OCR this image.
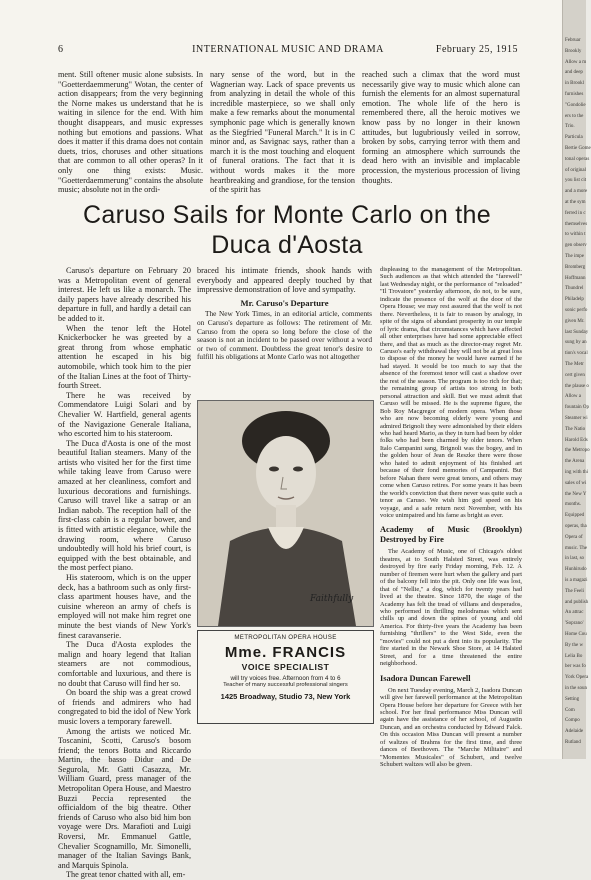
6	INTERNATIONAL MUSIC AND DRAMA	February 25, 1915

ment. Still oftener music alone subsists. In "Goetterdaemmerung" Wotan, the center of action disappears; from the very beginning the Norne makes us understand that he is waiting in silence for the end. With him thought disappears, and music expresses nothing but emotions and passions. What does it matter if this drama does not contain duets, trios, choruses and other situations that are common to all other operas? In it only one thing exists: Music. "Goetterdaemmerung" contains the absolute music; absolute not in the ordi-

nary sense of the word, but in the Wagnerian way. Lack of space prevents us from analyzing in detail the whole of this incredible masterpiece, so we shall only make a few remarks about the monumental symphonic page which is generally known as the Siegfried "Funeral March." It is in C minor and, as Savignac says, rather than a march it is the most touching and eloquent of funeral orations. The fact that it is without words makes it the more heartbreaking and grandiose, for the tension of the spirit has

reached such a climax that the word must necessarily give way to music which alone can furnish the elements for an almost supernatural emotion. The whole life of the hero is remembered there, all the heroic motives we know pass by no longer in their known attitudes, but lugubriously veiled in sorrow, broken by sobs, carrying terror with them and forming an atmosphere which surrounds the dead hero with an invisible and implacable procession, the mysterious procession of living thoughts.

Caruso Sails for Monte Carlo on the
Duca d'Aosta

Caruso's departure on February 20 was a Metropolitan event of general interest. He left us like a monarch. The daily papers have already described his departure in full, and hardly a detail can be added to it.

When the tenor left the Hotel Knickerbocker he was greeted by a great throng from whose emphatic attention he escaped in his big automobile, which took him to the pier of the Italian Lines at the foot of Thirty-fourth Street.

There he was received by Commendatore Luigi Solari and by Chevalier W. Hartfield, general agents of the Navigazione Generale Italiana, who escorted him to his stateroom.

The Duca d'Aosta is one of the most beautiful Italian steamers. Many of the artists who visited her for the first time while taking leave from Caruso were amazed at her cleanliness, comfort and luxurious decorations and furnishings. Caruso will travel like a satrap or an Indian nabob. The reception hall of the first-class cabin is a regular bower, and is fitted with artistic elegance, while the drawing room, where Caruso undoubtedly will hold his brief court, is equipped with the best obtainable, and the most perfect piano.

His stateroom, which is on the upper deck, has a bathroom such as only first-class apartment houses have, and the cuisine whereon an army of chefs is employed will not make him regret one minute the best viands of New York's finest caravanserie.

The Duca d'Aosta explodes the malign and hoary legend that Italian steamers are not commodious, comfortable and luxurious, and there is no doubt that Caruso will find her so.

On board the ship was a great crowd of friends and admirers who had congregated to bid the idol of New York music lovers a temporary farewell.

Among the artists we noticed Mr. Toscanini, Scotti, Caruso's bosom friend; the tenors Botta and Riccardo Martin, the basso Didur and De Segurola, Mr. Gatti Casazza, Mr. William Guard, press manager of the Metropolitan Opera House, and Maestro Buzzi Peccia represented the officialdom of the big theatre. Other friends of Caruso who also bid him bon voyage were Drs. Marafioti and Luigi Roversi, Mr. Emmanuel Gattle, Chevalier Scognamillo, Mr. Simonelli, manager of the Italian Savings Bank, and Marquis Spinola.

The great tenor chatted with all, em-

braced his intimate friends, shook hands with everybody and appeared deeply touched by that impressive demonstration of love and sympathy.

Mr. Caruso's Departure

The New York Times, in an editorial article, comments on Caruso's departure as follows: The retirement of Mr. Caruso from the opera so long before the close of the season is not an incident to be passed over without a word or two of comment. Doubtless the great tenor's desire to fulfill his obligations at Monte Carlo was not altogether

Faithfully
METROPOLITAN OPERA HOUSE
Mme. FRANCIS
VOICE SPECIALIST
will try voices free. Afternoon from 4 to 6
Teacher of many successful professional singers
1425 Broadway, Studio 73, New York

displeasing to the management of the Metropolitan. Such audiences as that which attended the "farewell" last Wednesday night, or the performance of "reloaded" "Il Trovatore" yesterday afternoon, do not, to be sure, indicate the presence of the wolf at the door of the Opera House; we may rest assured that the wolf is not there. Nevertheless, it is fair to reason by analogy, in spite of the signs of abundant prosperity in our temple of lyric drama, that circumstances which have affected all other enterprises have had some appreciable effect there, and that as much as the director-may regret Mr. Caruso's early withdrawal they will not be at great loss to dispose of the money he would have earned if he had stayed. It would be too much to say that the absence of the foremost tenor will cast a shadow over the rest of the season. The program is too rich for that; the remaining group of artists too strong in both personal attraction and skill. But we must admit that Caruso will be missed. He is the supreme figure, the Bob Roy Macgregor of modern opera. When those who are now becoming elderly were young and admired Brignoli they were admonished by their elders who had heard Mario, as they in turn had been by older folks who had been charmed by older tenors. When Italo Campanini sang, Brignoli was the bogey, and in the golden hour of Jean de Reszke there were those who hated to admit enjoyment of his finished art because of their fond memories of Campanini. But before Nahan there were great tenors, and others may come when Caruso retires. For some years it has been the world's conviction that there never was quite such a tenor as Caruso. We wish him god speed on his voyage, and a safe return next November, with his voice unimpaired and his fame as bright as ever.

Academy of Music (Brooklyn) Destroyed by Fire

The Academy of Music, one of Chicago's oldest theatres, at to South Halsted Street, was entirely destroyed by fire early Friday morning, Feb. 12. A number of firemen were hurt when the gallery and part of the balcony fell into the pit. Only one life was lost, that of "Nellie," a dog, which for twenty years had lived at the theatre. Since 1870, the stage of the Academy has felt the tread of villians and desperados, who performed in thrilling melodramas which sent chills up and down the spines of young and old America. For thirty-five years the Academy has been furnishing "thrillers" to the West Side, even the "movies" could not put a dent into its popularity. The fire started in the Newark Shoe Store, at 14 Halsted Street, and for a time threatened the entire neighborhood.

Isadora Duncan Farewell

On next Tuesday evening, March 2, Isadora Duncan will give her farewell performance at the Metropolitan Opera House before her departure for Greece with her school. For her final performance Miss Duncan will again have the assistance of her school, of Augustin Duncan, and an orchestra conducted by Edward Falck. On this occasion Miss Duncan will present a number of waltzes of Brahms for the first time, and three dances of Beethoven. The "Marche Militaire" and "Momentes Musicales" of Schubert, and twelve Schubert waltzes will also be given.

Februar
Brookly
Allow a m
and deep
in Brookl
furnishes
"Gondolie
ers to the
Trio.
Particula
Bertie Gome
tonal operas
of original
you list cit
and a more
at the sym
ferred in c
themselves
to within t
gen observ
The impe
Bromberg
Hoffmann
Thundrel
Philadelp
sonic perfo
given Mr.
last Sunday
sung by an
tion's vocal
The Metr
cert given
the plause o
Allow a
fountain Op
Steamer wi
The Natio
Harold Eds
the Metropo
the Arena
ing with thi
sales of wi
the New Y
months.
Equipped
operas, tha
Opera of
music. The
in last, so
Hunhirudo
is a magazi
The Feeli
and publish
An attrac
'Soprano'
Home Cou
By the w
Lelia Bo
ber was fo
York Opera
in the soun
Setting
Com
Compo
Adelaide
Rutland
